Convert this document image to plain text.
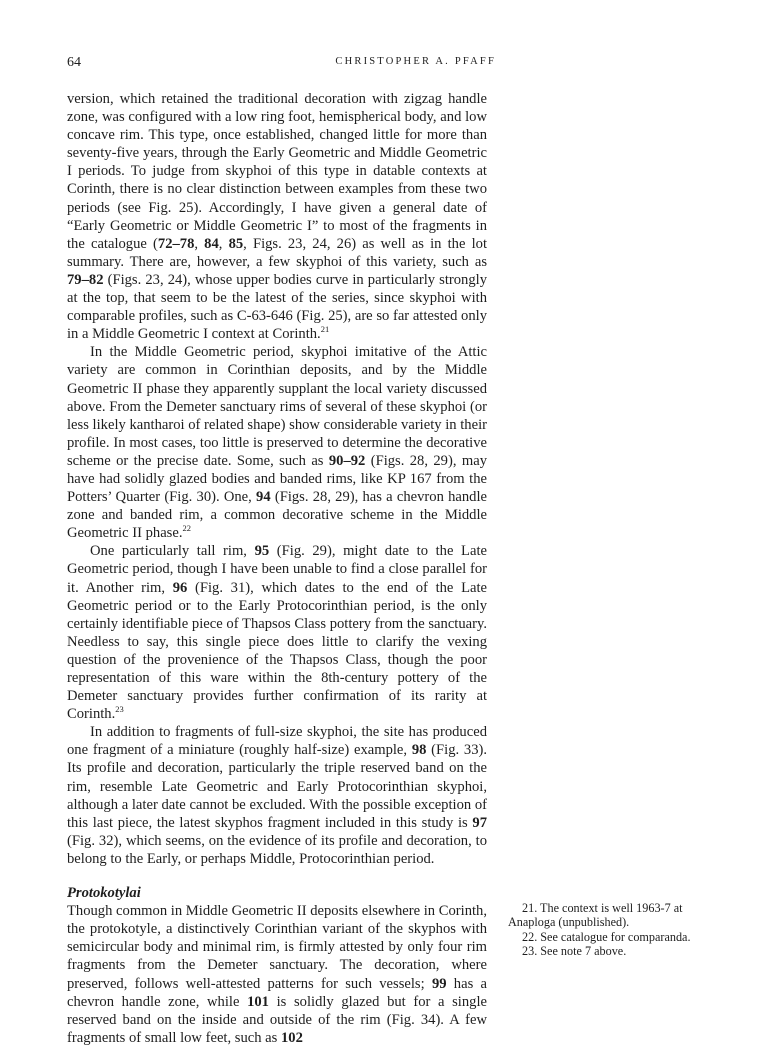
64	CHRISTOPHER A. PFAFF

version, which retained the traditional decoration with zigzag handle zone, was configured with a low ring foot, hemispherical body, and low concave rim. This type, once established, changed little for more than seventy-five years, through the Early Geometric and Middle Geometric I periods. To judge from skyphoi of this type in datable contexts at Corinth, there is no clear distinction between examples from these two periods (see Fig. 25). Accordingly, I have given a general date of “Early Geometric or Middle Geometric I” to most of the fragments in the catalogue (72–78, 84, 85, Figs. 23, 24, 26) as well as in the lot summary. There are, however, a few skyphoi of this variety, such as 79–82 (Figs. 23, 24), whose upper bodies curve in particularly strongly at the top, that seem to be the latest of the series, since skyphoi with comparable profiles, such as C-63-646 (Fig. 25), are so far attested only in a Middle Geometric I context at Corinth.$^{21}$

In the Middle Geometric period, skyphoi imitative of the Attic variety are common in Corinthian deposits, and by the Middle Geometric II phase they apparently supplant the local variety discussed above. From the Demeter sanctuary rims of several of these skyphoi (or less likely kantharoi of related shape) show considerable variety in their profile. In most cases, too little is preserved to determine the decorative scheme or the precise date. Some, such as 90–92 (Figs. 28, 29), may have had solidly glazed bodies and banded rims, like KP 167 from the Potters’ Quarter (Fig. 30). One, 94 (Figs. 28, 29), has a chevron handle zone and banded rim, a common decorative scheme in the Middle Geometric II phase.$^{22}$

One particularly tall rim, 95 (Fig. 29), might date to the Late Geometric period, though I have been unable to find a close parallel for it. Another rim, 96 (Fig. 31), which dates to the end of the Late Geometric period or to the Early Protocorinthian period, is the only certainly identifiable piece of Thapsos Class pottery from the sanctuary. Needless to say, this single piece does little to clarify the vexing question of the provenience of the Thapsos Class, though the poor representation of this ware within the 8th-century pottery of the Demeter sanctuary provides further confirmation of its rarity at Corinth.$^{23}$

In addition to fragments of full-size skyphoi, the site has produced one fragment of a miniature (roughly half-size) example, 98 (Fig. 33). Its profile and decoration, particularly the triple reserved band on the rim, resemble Late Geometric and Early Protocorinthian skyphoi, although a later date cannot be excluded. With the possible exception of this last piece, the latest skyphos fragment included in this study is 97 (Fig. 32), which seems, on the evidence of its profile and decoration, to belong to the Early, or perhaps Middle, Protocorinthian period.

Protokotylai

Though common in Middle Geometric II deposits elsewhere in Corinth, the protokotyle, a distinctively Corinthian variant of the skyphos with semicircular body and minimal rim, is firmly attested by only four rim fragments from the Demeter sanctuary. The decoration, where preserved, follows well-attested patterns for such vessels; 99 has a chevron handle zone, while 101 is solidly glazed but for a single reserved band on the inside and outside of the rim (Fig. 34). A few fragments of small low feet, such as 102

21. The context is well 1963-7 at Anaploga (unpublished).

22. See catalogue for comparanda.

23. See note 7 above.
